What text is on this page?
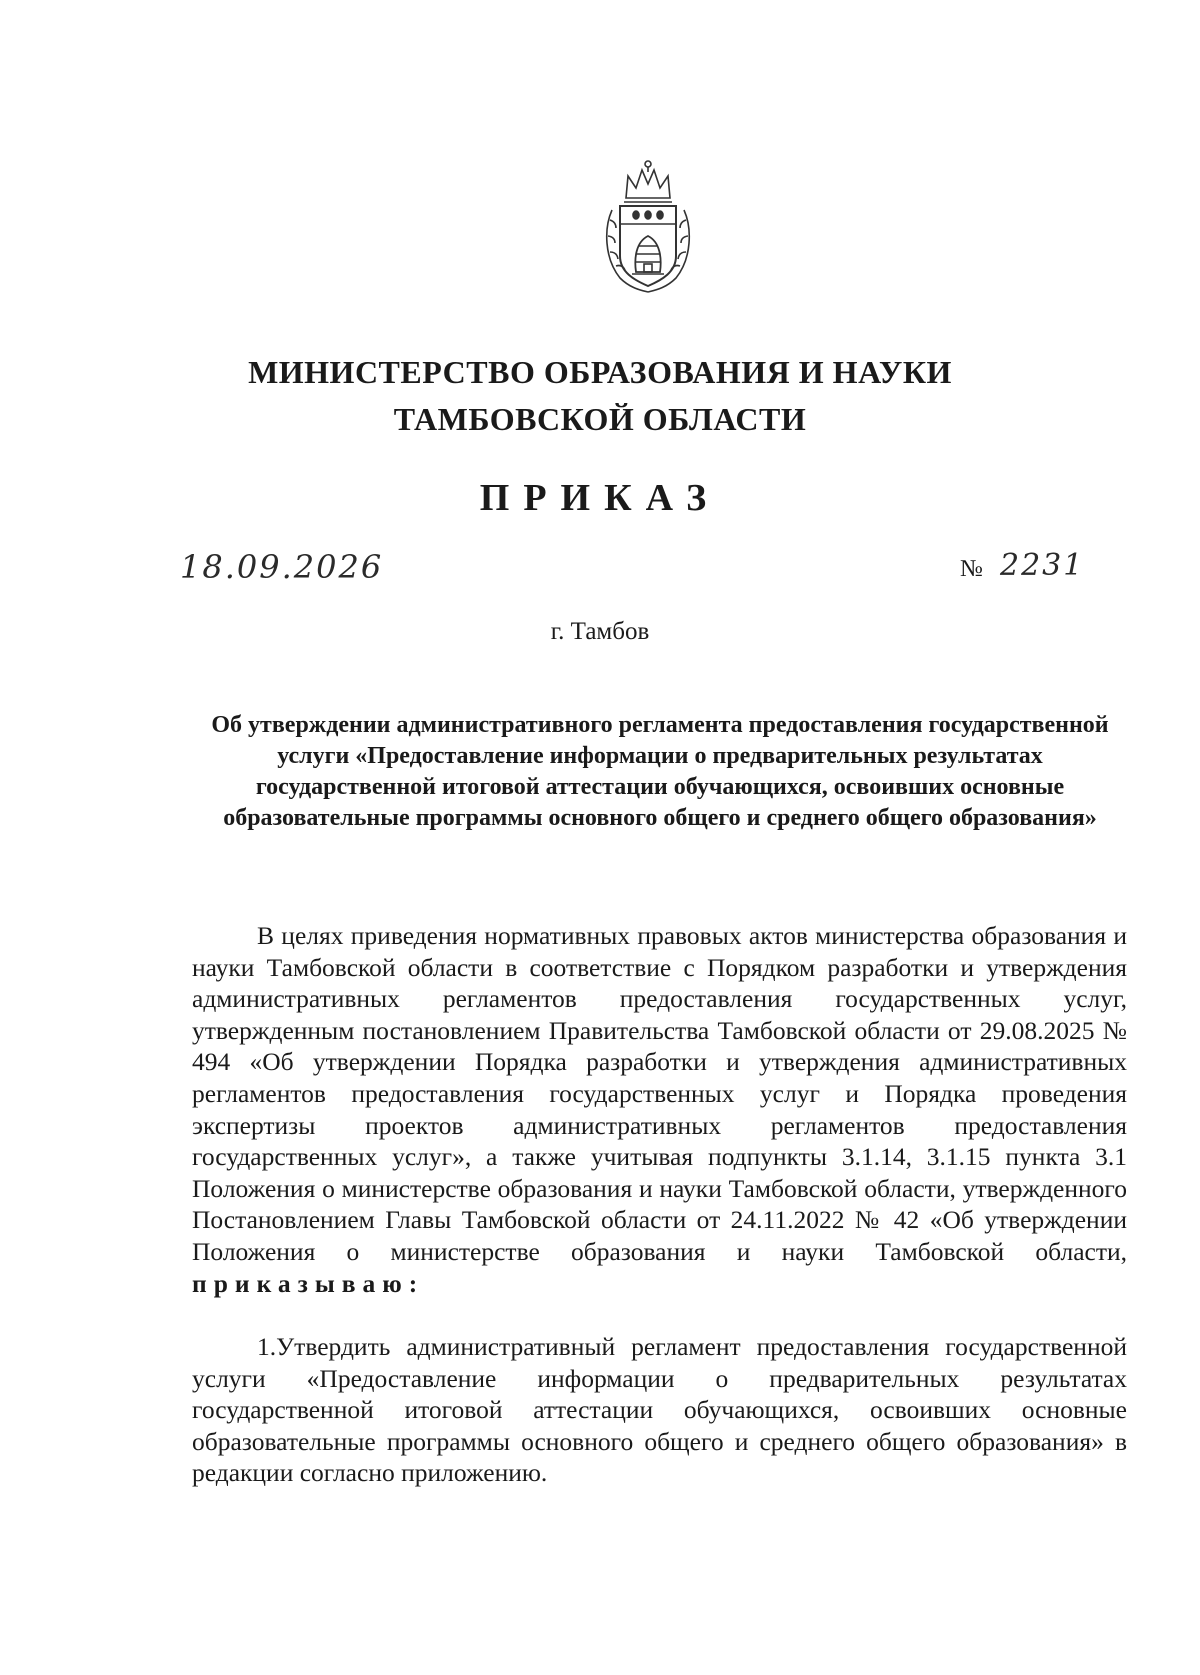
МИНИСТЕРСТВО ОБРАЗОВАНИЯ И НАУКИ
ТАМБОВСКОЙ ОБЛАСТИ
ПРИКАЗ
18.09.2026	№ 2231
г. Тамбов
Об утверждении административного регламента предоставления государственной услуги «Предоставление информации о предварительных результатах государственной итоговой аттестации обучающихся, освоивших основные образовательные программы основного общего и среднего общего образования»

В целях приведения нормативных правовых актов министерства образования и науки Тамбовской области в соответствие с Порядком разработки и утверждения административных регламентов предоставления государственных услуг, утвержденным постановлением Правительства Тамбовской области от 29.08.2025 № 494 «Об утверждении Порядка разработки и утверждения административных регламентов предоставления государственных услуг и Порядка проведения экспертизы проектов административных регламентов предоставления государственных услуг», а также учитывая подпункты 3.1.14, 3.1.15 пункта 3.1 Положения о министерстве образования и науки Тамбовской области, утвержденного Постановлением Главы Тамбовской области от 24.11.2022 № 42 «Об утверждении Положения о министерстве образования и науки Тамбовской области, приказываю:

1.Утвердить административный регламент предоставления государственной услуги «Предоставление информации о предварительных результатах государственной итоговой аттестации обучающихся, освоивших основные образовательные программы основного общего и среднего общего образования» в редакции согласно приложению.
